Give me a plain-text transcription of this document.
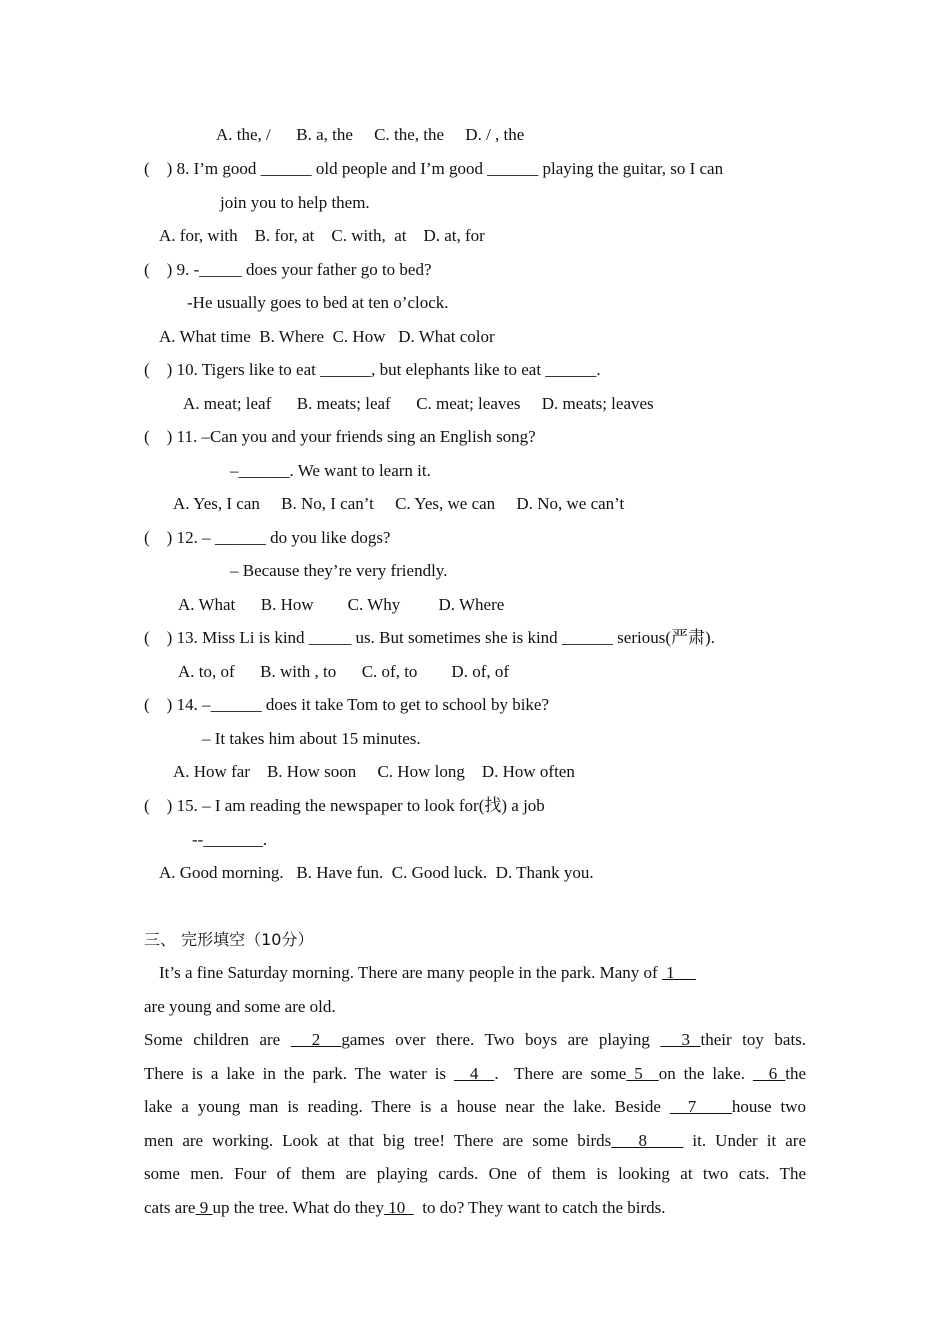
A. the, /      B. a, the     C. the, the     D. / , the
(    ) 8. I’m good ______ old people and I’m good ______ playing the guitar, so I can
join you to help them.
A. for, with    B. for, at    C. with,  at    D. at, for
(    ) 9. -_____ does your father go to bed?
-He usually goes to bed at ten o’clock.
A. What time  B. Where  C. How   D. What color
(    ) 10. Tigers like to eat ______, but elephants like to eat ______.
A. meat; leaf      B. meats; leaf      C. meat; leaves     D. meats; leaves
(    ) 11. –Can you and your friends sing an English song?
–______. We want to learn it.
A. Yes, I can     B. No, I can’t     C. Yes, we can     D. No, we can’t
(    ) 12. – ______ do you like dogs?
– Because they’re very friendly.
A. What      B. How        C. Why         D. Where
(    ) 13. Miss Li is kind _____ us. But sometimes she is kind ______ serious(严肃).
A. to, of      B. with , to      C. of, to        D. of, of
(    ) 14. –______ does it take Tom to get to school by bike?
– It takes him about 15 minutes.
A. How far    B. How soon     C. How long    D. How often
(    ) 15. – I am reading the newspaper to look for(找) a job
--_______.
A. Good morning.   B. Have fun.  C. Good luck.  D. Thank you.
三、 完形填空（10分）
It’s a fine Saturday morning. There are many people in the park. Many of  1__
are young and some are old.
Some children are   2  games over there. Two boys are playing   3 their toy bats.
There is a lake in the park. The water is   4  .  There are some 5  on the lake.   6 the
lake a young man is reading. There is a house near the lake. Beside   7    house two
men are working. Look at that big tree! There are some birds   8     it. Under it are
some men. Four of them are playing cards. One of them is looking at two cats. The
cats are 9 up the tree. What do they 10    to do? They want to catch the birds.
